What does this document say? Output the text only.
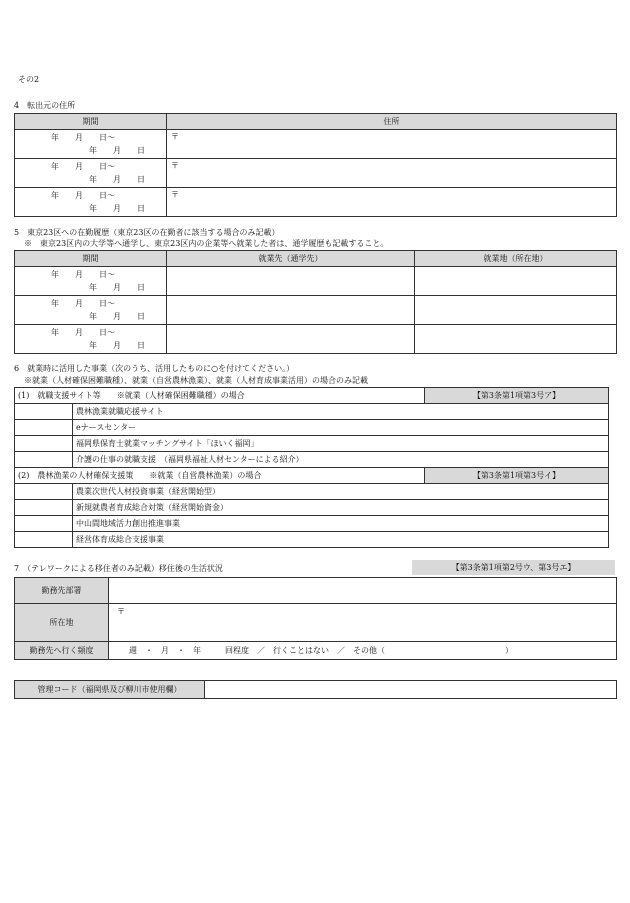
その2
4　転出元の住所
期間	住所

年　　月　　日～
年　　月　　日	〒

年　　月　　日～
年　　月　　日	〒

年　　月　　日～
年　　月　　日	〒
5　東京23区への在勤履歴（東京23区の在勤者に該当する場合のみ記載）
※　東京23区内の大学等へ通学し、東京23区内の企業等へ就業した者は、通学履歴も記載すること。
期間	就業先（通学先）	就業地（所在地）

年　　月　　日～
年　　月　　日		

年　　月　　日～
年　　月　　日		

年　　月　　日～
年　　月　　日		

6　就業時に活用した事業（次のうち、活用したものに○を付けてください。）
※就業（人材確保困難職種）、就業（自営農林漁業）、就業（人材育成事業活用）の場合のみ記載
(1)　就職支援サイト等　　※就業（人材確保困難職種）の場合		【第3条第1項第3号ア】
	農林漁業就職応援サイト	
	eナースセンター	
	福岡県保育士就業マッチングサイト「ほいく福岡」	
	介護の仕事の就職支援　（福岡県福祉人材センターによる紹介）	
(2)　農林漁業の人材確保支援策　　※就業（自営農林漁業）の場合		【第3条第1項第3号イ】
	農業次世代人材投資事業（経営開始型）	
	新規就農者育成総合対策（経営開始資金）	
	中山間地域活力創出推進事業	
	経営体育成総合支援事業	
7　（テレワークによる移住者のみ記載）移住後の生活状況	【第3条第1項第2号ウ、第3号エ】
勤務先部署	
所在地	〒

勤務先へ行く頻度	週　・　月　・　年　　　回程度　／　行くことはない　／　その他（　　　　　　　　　　　　　　　）
管理コード（福岡県及び柳川市使用欄）	
